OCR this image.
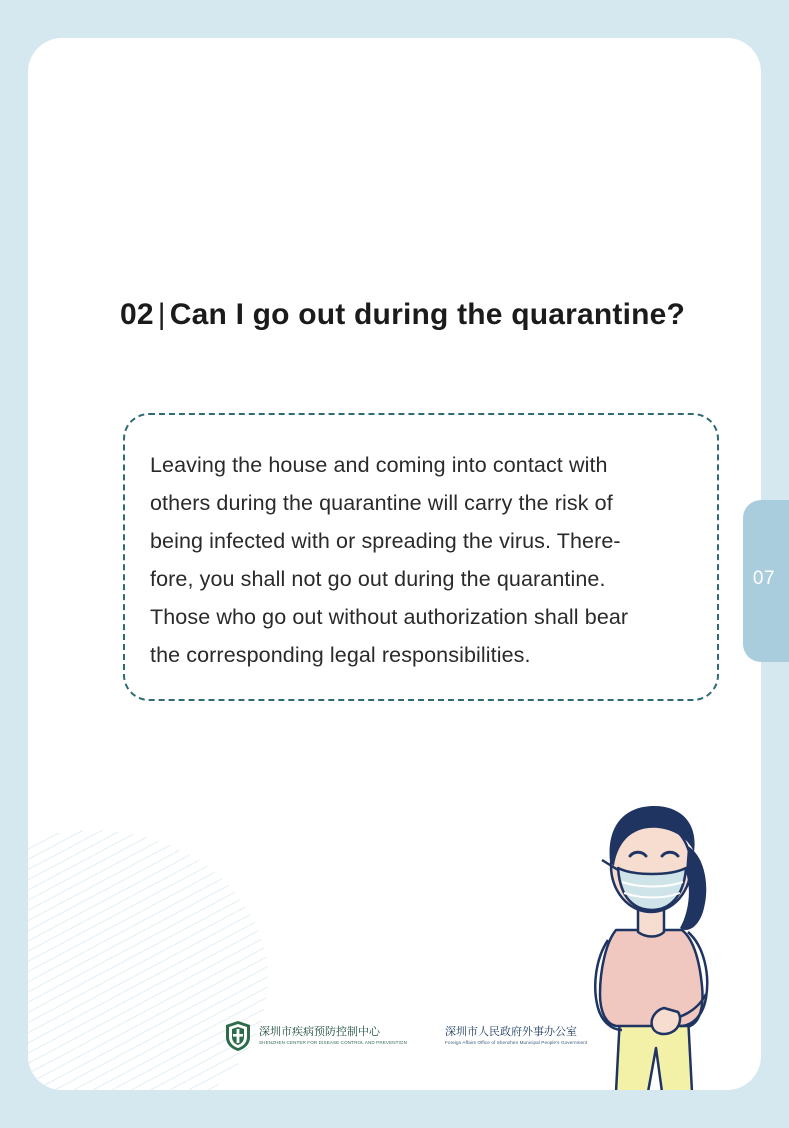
02 | Can I go out during the quarantine?
Leaving the house and coming into contact with
others during the quarantine will carry the risk of
being infected with or spreading the virus. There-
fore, you shall not go out during the quarantine.
Those who go out without authorization shall bear
the corresponding legal responsibilities.
深圳市疾病预防控制中心
SHENZHEN CENTER FOR DISEASE CONTROL AND PREVENTION
深圳市人民政府外事办公室
Foreign Affairs Office of Shenzhen Municipal People's Government
07
